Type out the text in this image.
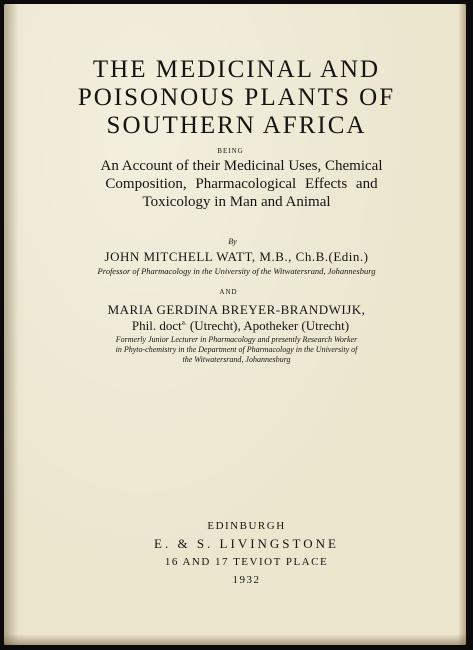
THE MEDICINAL AND
POISONOUS PLANTS OF
SOUTHERN AFRICA
BEING
An Account of their Medicinal Uses, Chemical
Composition, Pharmacological Effects and
Toxicology in Man and Animal
By
JOHN MITCHELL WATT, M.B., Ch.B.(Edin.)
Professor of Pharmacology in the University of the Witwatersrand, Johannesburg
AND
MARIA GERDINA BREYER-BRANDWIJK,
Phil. doct$^{a.}$ (Utrecht), Apotheker (Utrecht)
Formerly Junior Lecturer in Pharmacology and presently Research Worker
in Phyto-chemistry in the Department of Pharmacology in the University of
the Witwatersrand, Johannesburg
EDINBURGH
E. & S. LIVINGSTONE
16 AND 17 TEVIOT PLACE
1932
